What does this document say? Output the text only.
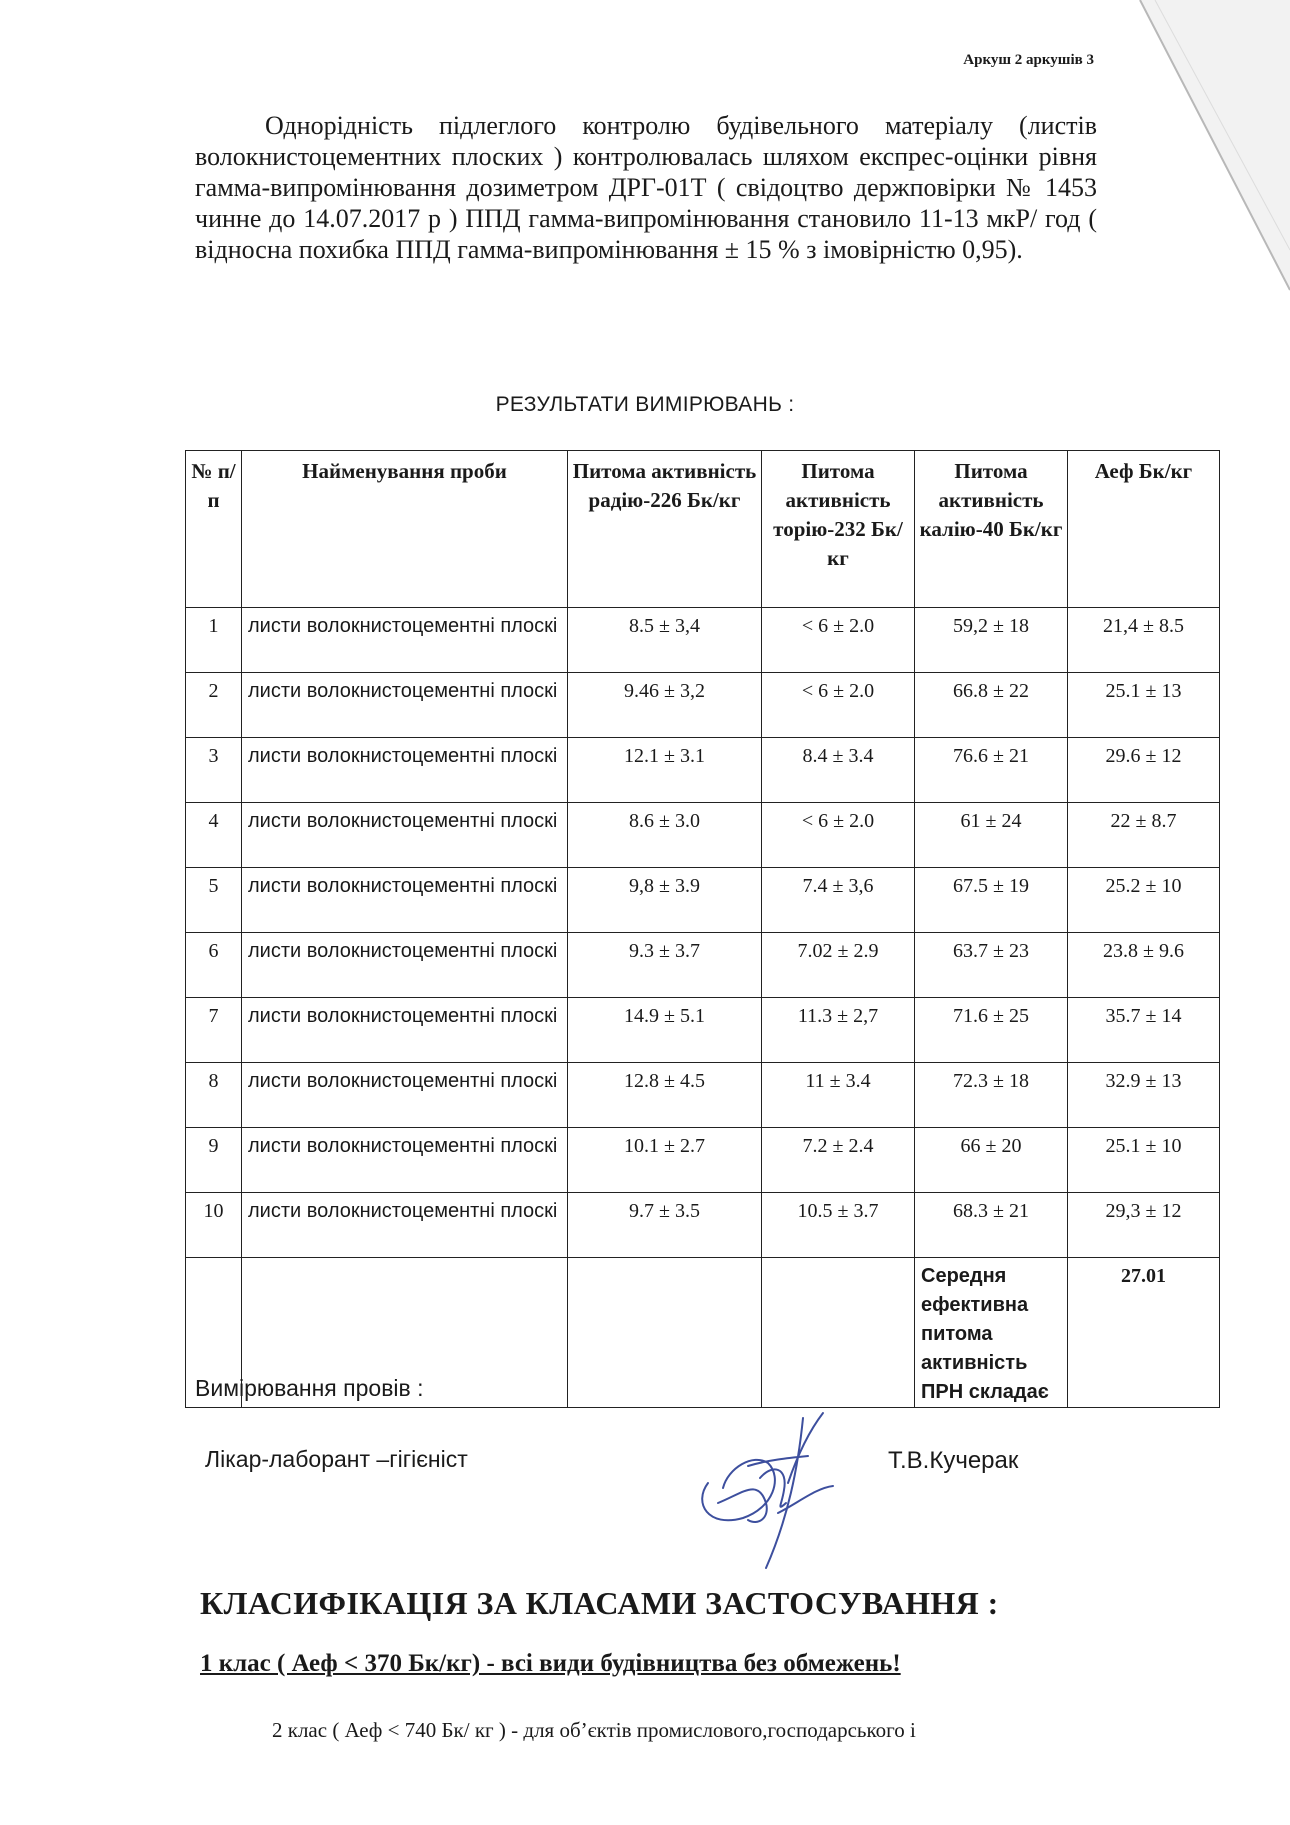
Аркуш 2 аркушів 3

Однорідність підлеглого контролю будівельного матеріалу (листів волокнистоцементних плоских ) контролювалась шляхом експрес-оцінки рівня гамма-випромінювання дозиметром ДРГ-01Т ( свідоцтво держповірки № 1453 чинне до 14.07.2017 р ) ППД гамма-випромінювання становило 11-13 мкР/ год ( відносна похибка ППД гамма-випромінювання ± 15 % з імовірністю 0,95).

РЕЗУЛЬТАТИ ВИМІРЮВАНЬ :
№ п/ п	Найменування проби	Питома активність радію-226 Бк/кг	Питома активність торію-232 Бк/кг	Питома активність калію-40 Бк/кг	Аеф Бк/кг
1	листи волокнистоцементні плоскі	8.5 ± 3,4	< 6 ± 2.0	59,2 ± 18	21,4 ± 8.5
2	листи волокнистоцементні плоскі	9.46 ± 3,2	< 6 ± 2.0	66.8 ± 22	25.1 ± 13
3	листи волокнистоцементні плоскі	12.1 ± 3.1	8.4 ± 3.4	76.6 ± 21	29.6 ± 12
4	листи волокнистоцементні плоскі	8.6 ± 3.0	< 6 ± 2.0	61 ± 24	22 ± 8.7
5	листи волокнистоцементні плоскі	9,8 ± 3.9	7.4 ± 3,6	67.5 ± 19	25.2 ± 10
6	листи волокнистоцементні плоскі	9.3 ± 3.7	7.02 ± 2.9	63.7 ± 23	23.8 ± 9.6
7	листи волокнистоцементні плоскі	14.9 ± 5.1	11.3 ± 2,7	71.6 ± 25	35.7 ± 14
8	листи волокнистоцементні плоскі	12.8 ± 4.5	11 ± 3.4	72.3 ± 18	32.9 ± 13
9	листи волокнистоцементні плоскі	10.1 ± 2.7	7.2 ± 2.4	66 ± 20	25.1 ± 10
10	листи волокнистоцементні плоскі	9.7 ± 3.5	10.5 ± 3.7	68.3 ± 21	29,3 ± 12
				Середня ефективна питома активність ПРН складає	27.01
Вимірювання провів :
Лікар-лаборант –гігієніст	Т.В.Кучерак
КЛАСИФІКАЦІЯ ЗА КЛАСАМИ ЗАСТОСУВАННЯ :
1 клас ( Аеф < 370 Бк/кг) - всі види будівництва без обмежень!
2 клас ( Аеф < 740 Бк/ кг ) - для об’єктів промислового,господарського і
